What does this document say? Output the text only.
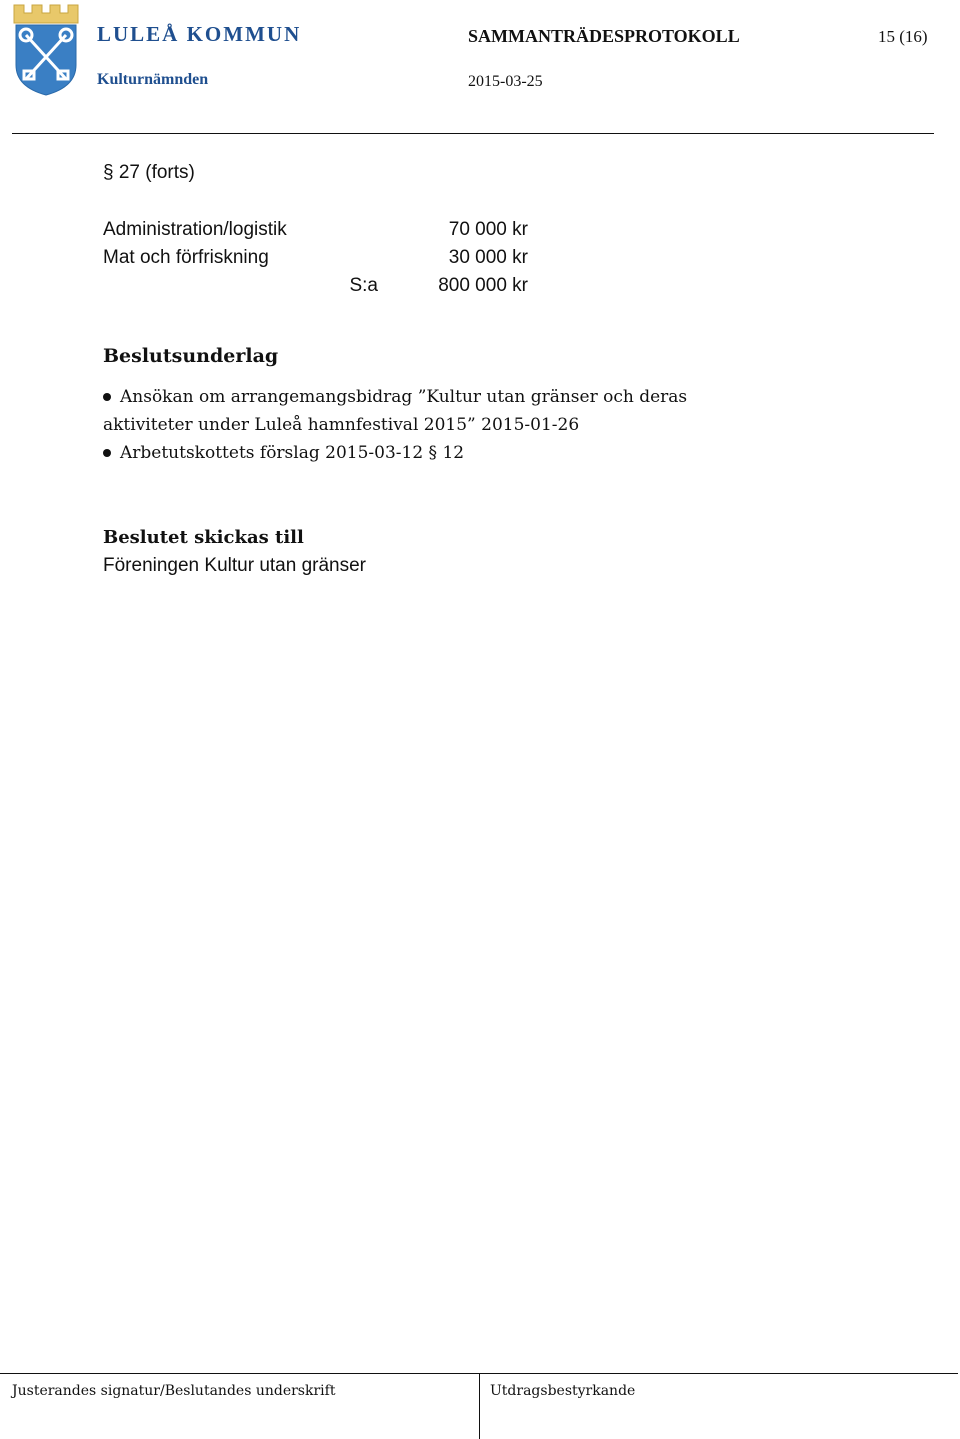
LULEÅ KOMMUN
Kulturnämnden
SAMMANTRÄDESPROTOKOLL
2015-03-25
15 (16)
§ 27 (forts)
Administration/logistik	70 000 kr
Mat och förfriskning	30 000 kr
S:a	800 000 kr
Beslutsunderlag
Ansökan om arrangemangsbidrag ”Kultur utan gränser och deras
aktiviteter under Luleå hamnfestival 2015” 2015-01-26
Arbetutskottets förslag 2015-03-12 § 12
Beslutet skickas till
Föreningen Kultur utan gränser
Justerandes signatur/Beslutandes underskrift	Utdragsbestyrkande
